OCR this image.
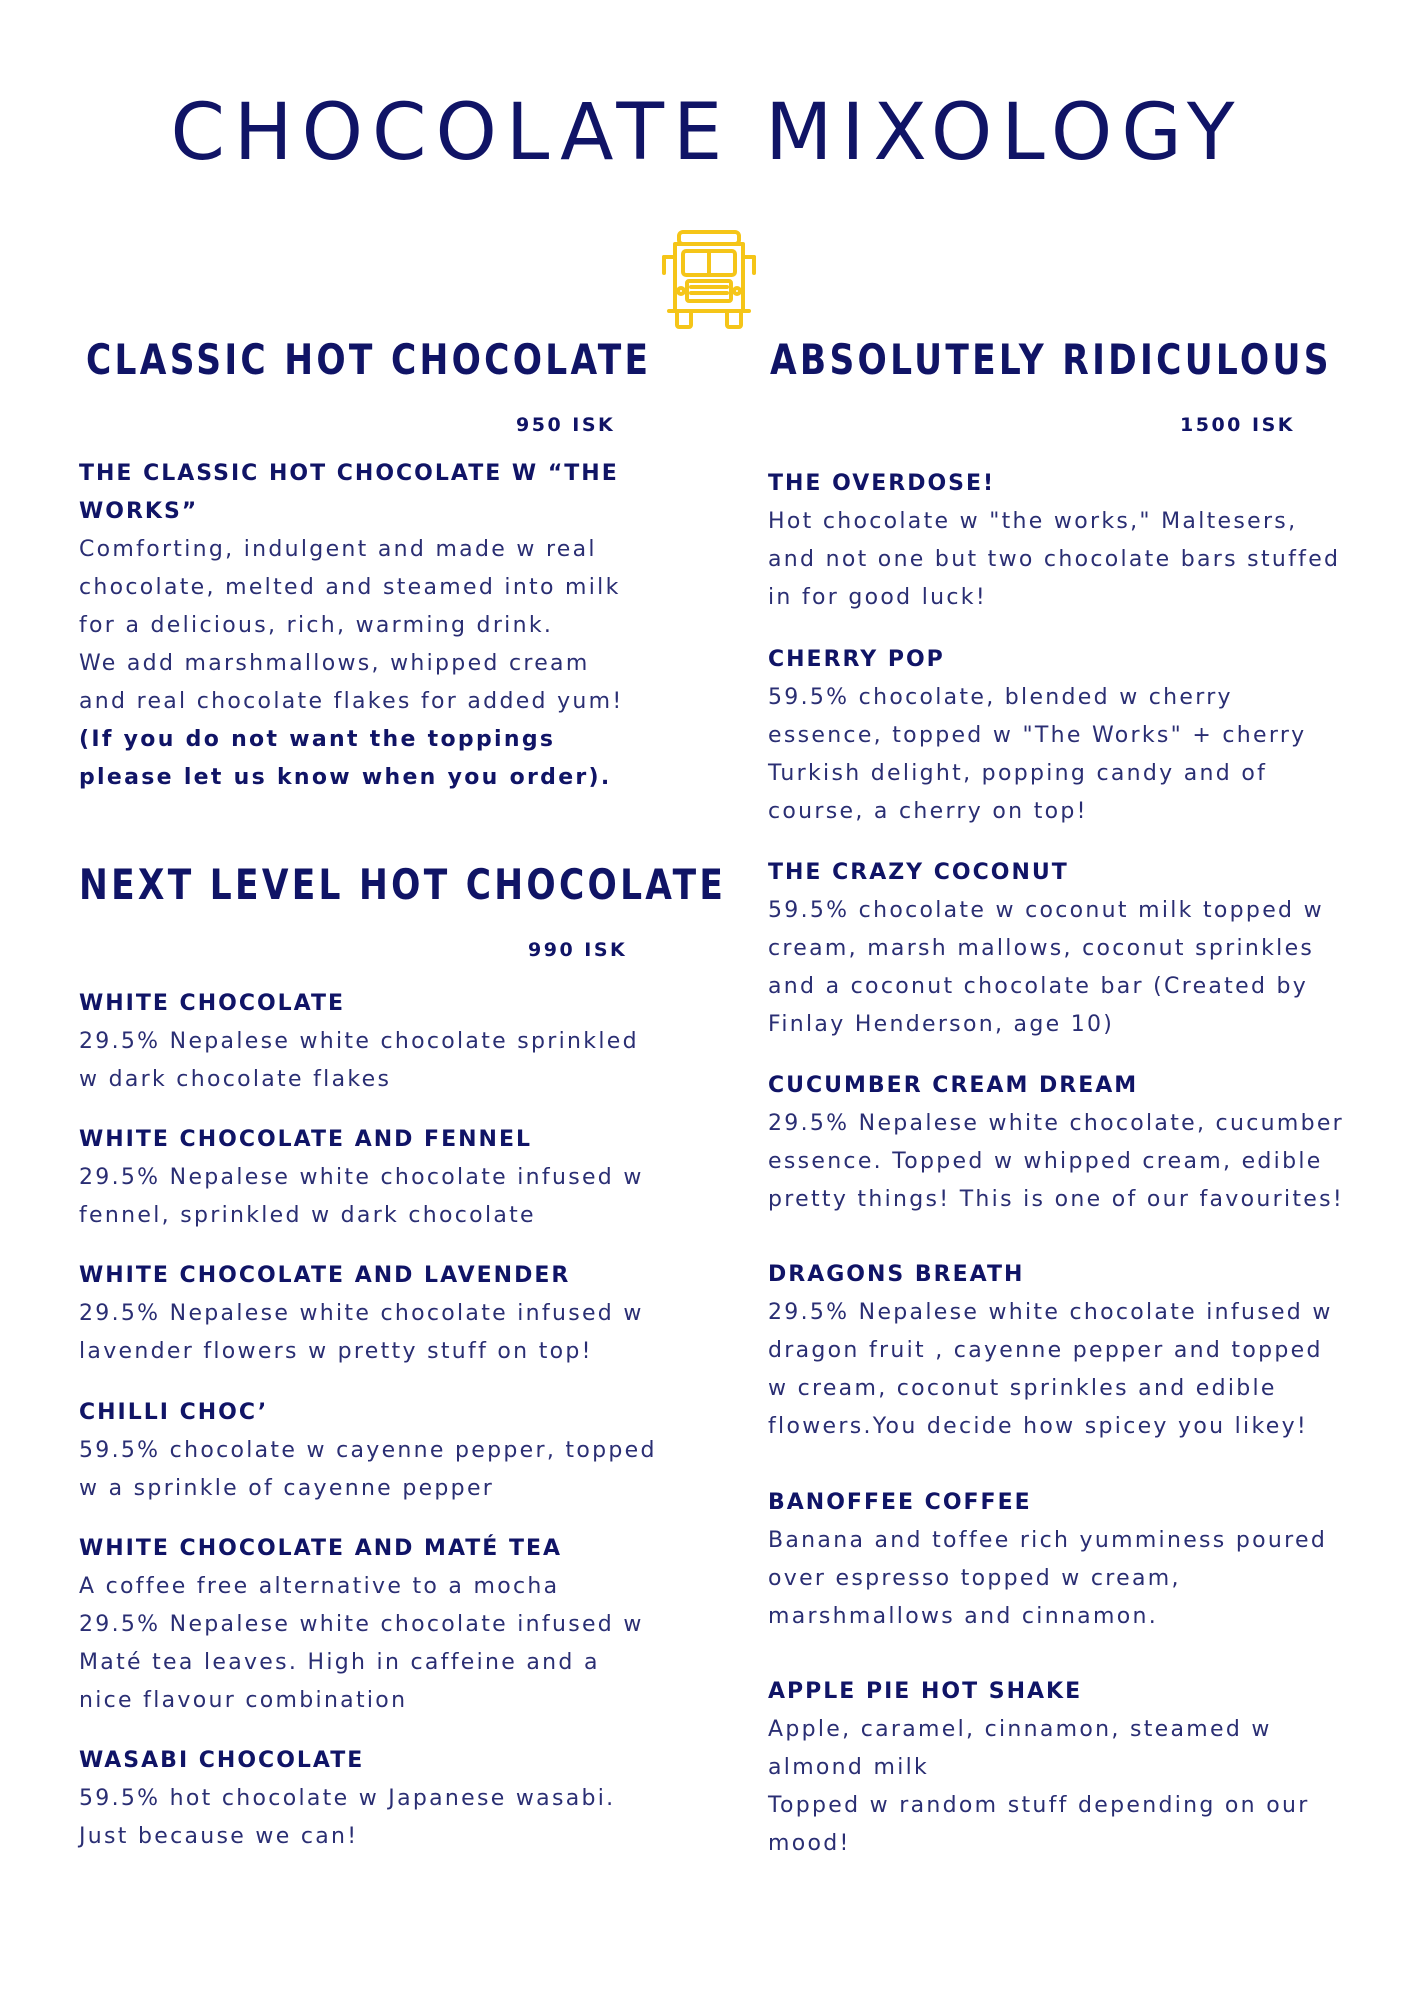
CHOCOLATE MIXOLOGY
CLASSIC HOT CHOCOLATE
950 ISK

THE CLASSIC HOT CHOCOLATE W “THE WORKS”

Comforting, indulgent and made w real chocolate, melted and steamed into milk for a delicious, rich, warming drink.
We add marshmallows, whipped cream and real chocolate flakes for added yum!

(If you do not want the toppings please let us know when you order).

NEXT LEVEL HOT CHOCOLATE
990 ISK

WHITE CHOCOLATE

29.5% Nepalese white chocolate sprinkled w dark chocolate flakes

WHITE CHOCOLATE AND FENNEL

29.5% Nepalese white chocolate infused w fennel, sprinkled w dark chocolate

WHITE CHOCOLATE AND LAVENDER

29.5% Nepalese white chocolate infused w lavender flowers w pretty stuff on top!

CHILLI CHOC’

59.5% chocolate w cayenne pepper, topped w a sprinkle of cayenne pepper

WHITE CHOCOLATE AND MATÉ TEA

A coffee free alternative to a mocha
29.5% Nepalese white chocolate infused w Maté tea leaves. High in caffeine and a nice flavour combination

WASABI CHOCOLATE

59.5% hot chocolate w Japanese wasabi. Just because we can!

ABSOLUTELY RIDICULOUS
1500 ISK

THE OVERDOSE!

Hot chocolate w "the works," Maltesers, and not one but two chocolate bars stuffed in for good luck!

CHERRY POP

59.5% chocolate, blended w cherry essence, topped w "The Works" + cherry Turkish delight, popping candy and of course, a cherry on top!

THE CRAZY COCONUT

59.5% chocolate w coconut milk topped w cream, marsh mallows, coconut sprinkles and a coconut chocolate bar (Created by Finlay Henderson, age 10)

CUCUMBER CREAM DREAM

29.5% Nepalese white chocolate, cucumber essence. Topped w whipped cream, edible pretty things! This is one of our favourites!

DRAGONS BREATH

29.5% Nepalese white chocolate infused w dragon fruit , cayenne pepper and topped w cream, coconut sprinkles and edible flowers.You decide how spicey you likey!

BANOFFEE COFFEE

Banana and toffee rich yumminess poured over espresso topped w cream, marshmallows and cinnamon.

APPLE PIE HOT SHAKE

Apple, caramel, cinnamon, steamed w almond milk
Topped w random stuff depending on our mood!
